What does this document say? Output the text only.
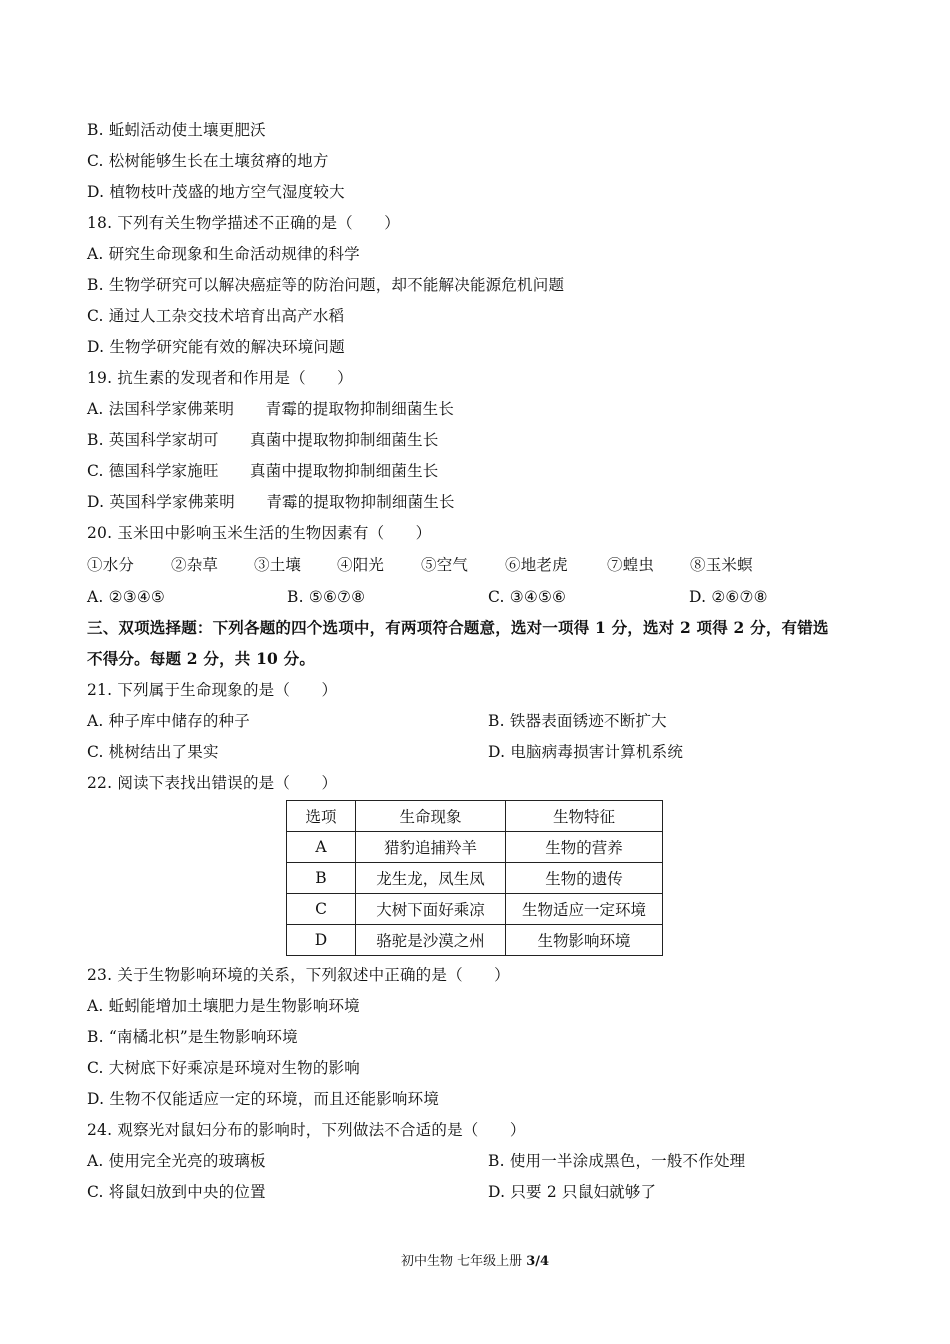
B. 蚯蚓活动使土壤更肥沃
C. 松树能够生长在土壤贫瘠的地方
D. 植物枝叶茂盛的地方空气湿度较大
18. 下列有关生物学描述不正确的是（　　）
A. 研究生命现象和生命活动规律的科学
B. 生物学研究可以解决癌症等的防治问题，却不能解决能源危机问题
C. 通过人工杂交技术培育出高产水稻
D. 生物学研究能有效的解决环境问题
19. 抗生素的发现者和作用是（　　）
A. 法国科学家佛莱明　　青霉的提取物抑制细菌生长
B. 英国科学家胡可　　真菌中提取物抑制细菌生长
C. 德国科学家施旺　　真菌中提取物抑制细菌生长
D. 英国科学家佛莱明　　青霉的提取物抑制细菌生长
20. 玉米田中影响玉米生活的生物因素有（　　）
①水分 ②杂草 ③土壤 ④阳光 ⑤空气 ⑥地老虎	⑦蝗虫 ⑧玉米螟
A. ②③④⑤	B. ⑤⑥⑦⑧	C. ③④⑤⑥	D. ②⑥⑦⑧
三、双项选择题：下列各题的四个选项中，有两项符合题意，选对一项得 1 分，选对 2 项得 2 分，有错选
不得分。每题 2 分，共 10 分。
21. 下列属于生命现象的是（　　）
A. 种子库中储存的种子	B. 铁器表面锈迹不断扩大
C. 桃树结出了果实	D. 电脑病毒损害计算机系统
22. 阅读下表找出错误的是（　　）
选项	生命现象	生物特征
A	猎豹追捕羚羊	生物的营养
B	龙生龙，凤生凤	生物的遗传
C	大树下面好乘凉	生物适应一定环境
D	骆驼是沙漠之州	生物影响环境
23. 关于生物影响环境的关系，下列叙述中正确的是（　　）
A. 蚯蚓能增加土壤肥力是生物影响环境
B. “南橘北枳”是生物影响环境
C. 大树底下好乘凉是环境对生物的影响
D. 生物不仅能适应一定的环境，而且还能影响环境
24. 观察光对鼠妇分布的影响时，下列做法不合适的是（　　）
A. 使用完全光亮的玻璃板	B. 使用一半涂成黑色，一般不作处理
C. 将鼠妇放到中央的位置	D. 只要 2 只鼠妇就够了
初中生物 七年级上册 3/4
